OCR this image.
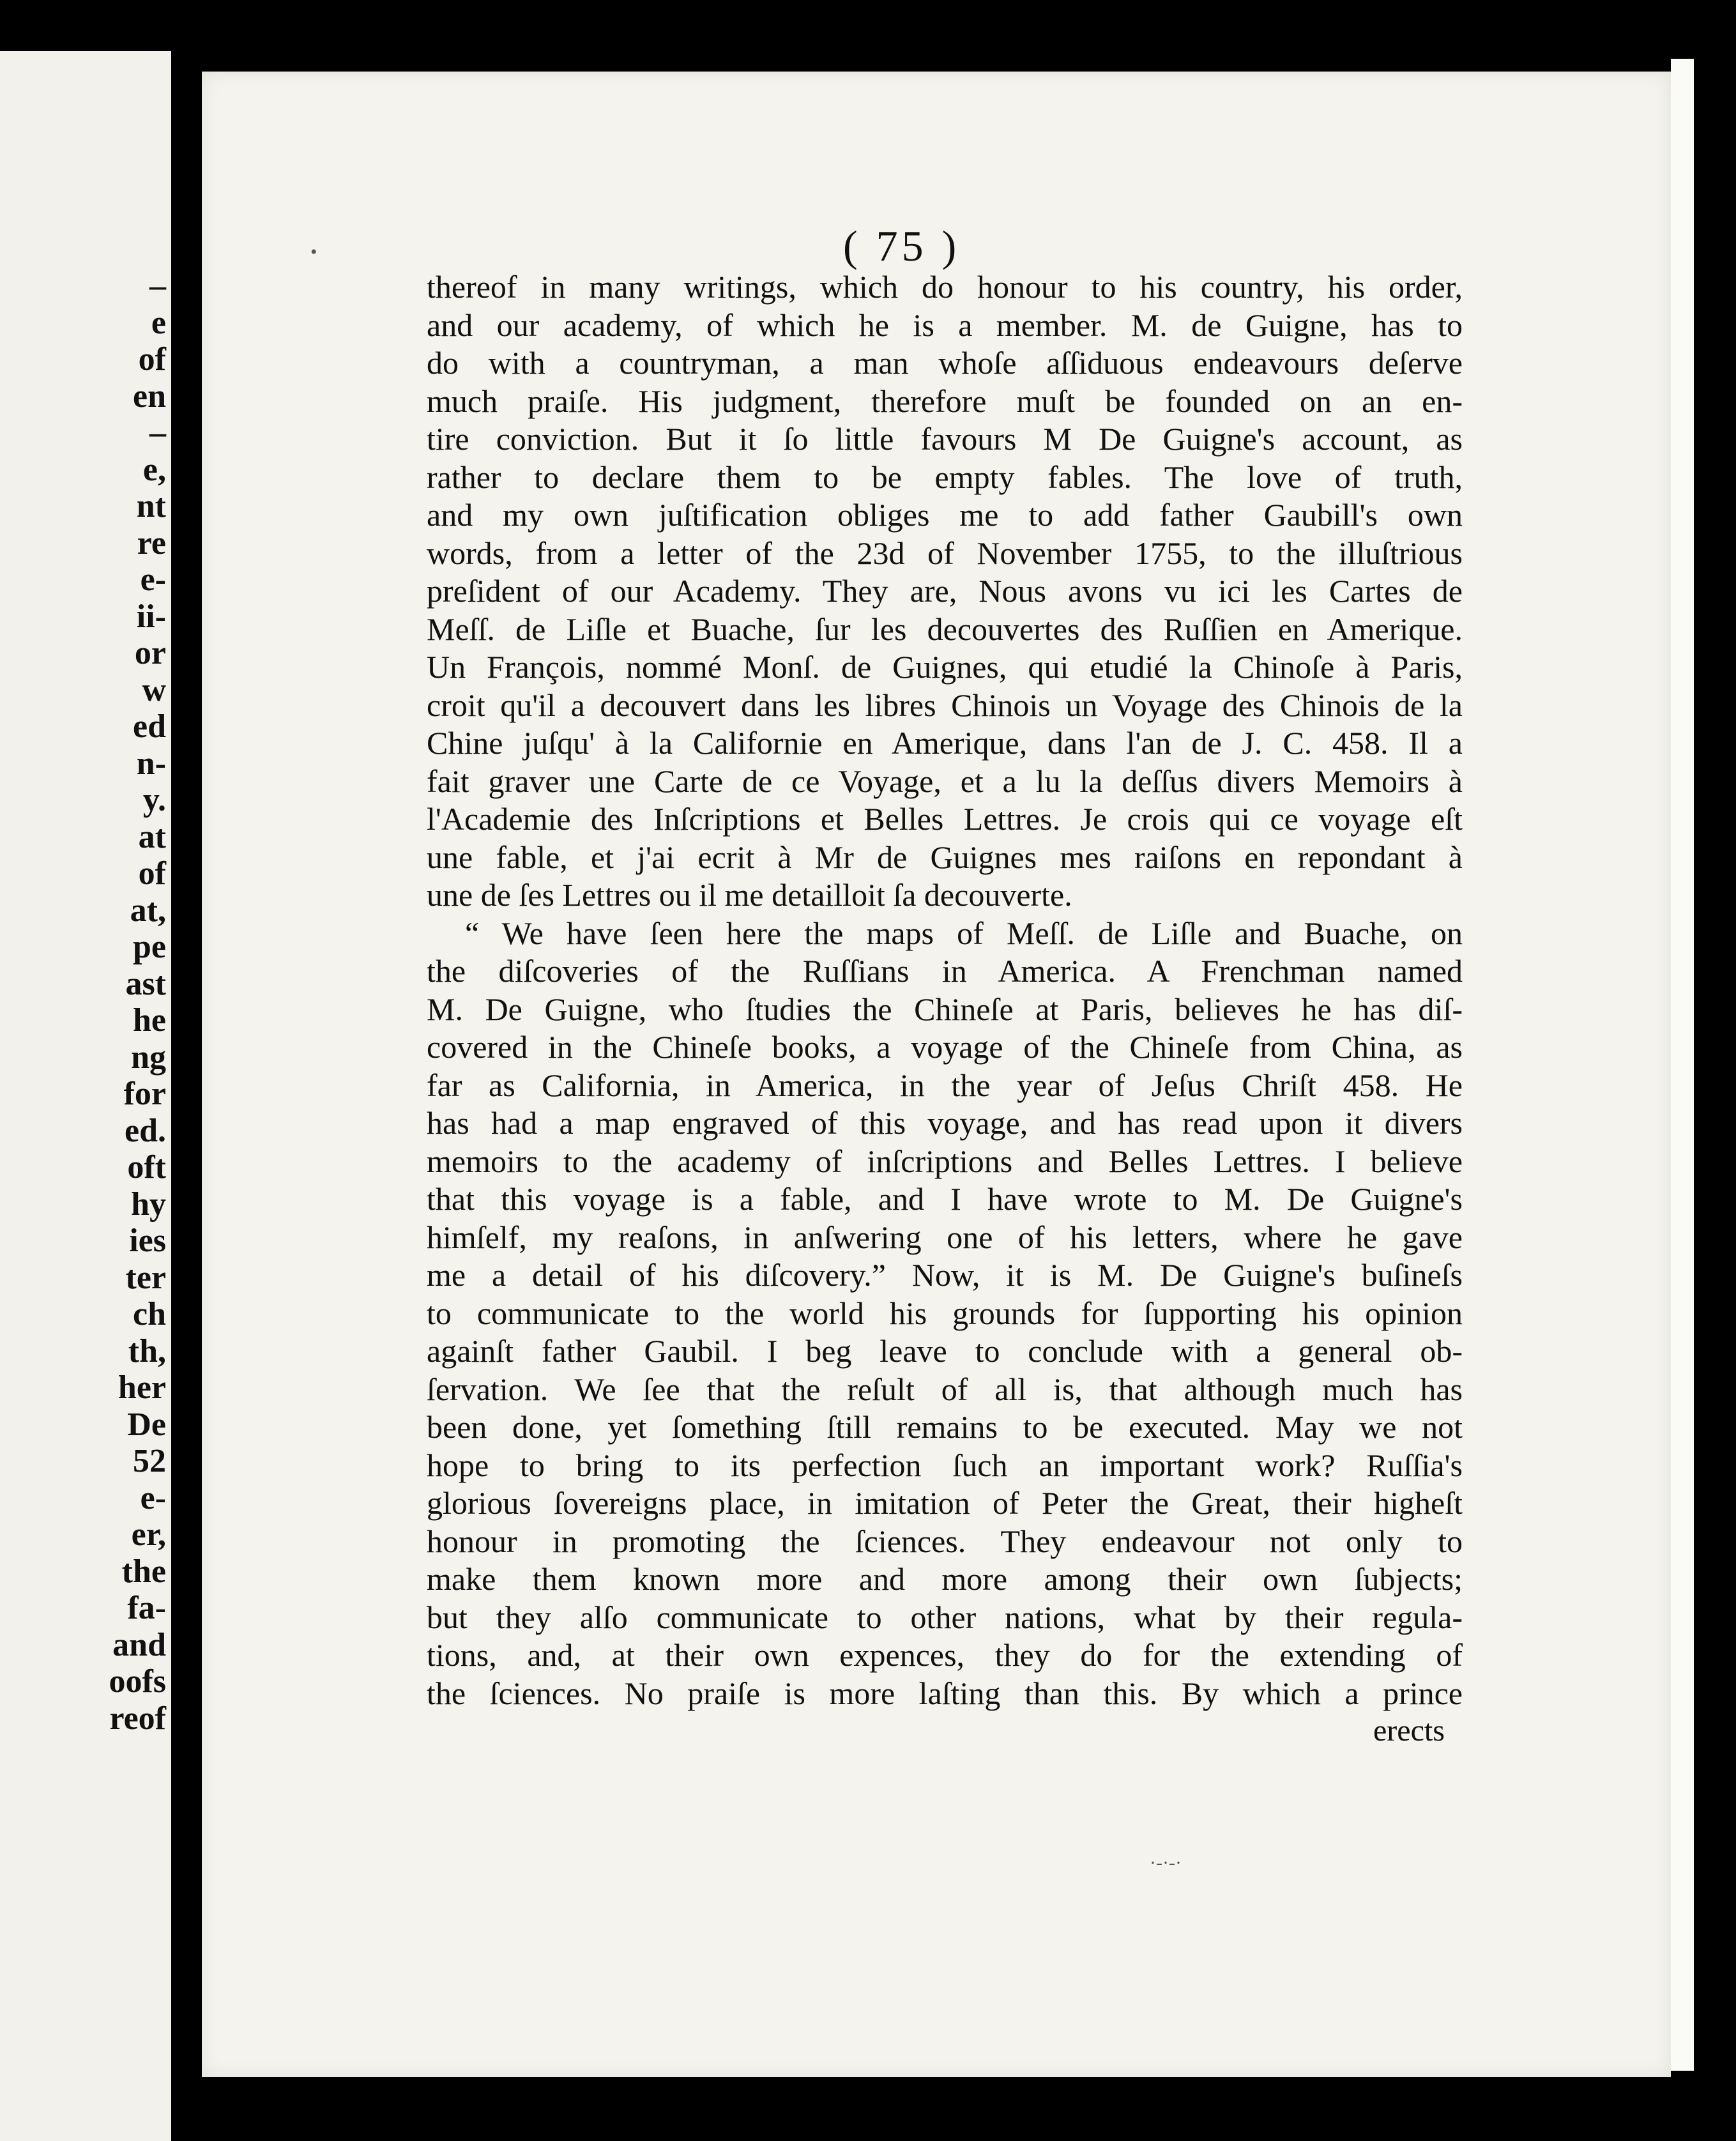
–
e
of
en
–
e,
nt
re
e-
ii-
or
w
ed
n-
y.
at
of
at,
pe
ast
he
ng
for
ed.
oft
hy
ies
ter
ch
th,
her
De
52
e-
er,
the
fa-
and
oofs
reof
( 75 )
thereof in many writings, which do honour to his country, his order,
and our academy, of which he is a member. M. de Guigne, has to
do with a countryman, a man whoſe aſſiduous endeavours deſerve
much praiſe. His judgment, therefore muſt be founded on an en-
tire conviction. But it ſo little favours M De Guigne's account, as
rather to declare them to be empty fables. The love of truth,
and my own juſtification obliges me to add father Gaubill's own
words, from a letter of the 23d of November 1755, to the illuſtrious
preſident of our Academy. They are, Nous avons vu ici les Cartes de
Meſſ. de Liſle et Buache, ſur les decouvertes des Ruſſien en Amerique.
Un François, nommé Monſ. de Guignes, qui etudié la Chinoſe à Paris,
croit qu'il a decouvert dans les libres Chinois un Voyage des Chinois de la
Chine juſqu' à la Californie en Amerique, dans l'an de J. C. 458. Il a
fait graver une Carte de ce Voyage, et a lu la deſſus divers Memoirs à
l'Academie des Inſcriptions et Belles Lettres. Je crois qui ce voyage eſt
une fable, et j'ai ecrit à Mr de Guignes mes raiſons en repondant à
une de ſes Lettres ou il me detailloit ſa decouverte.
“ We have ſeen here the maps of Meſſ. de Liſle and Buache, on
the diſcoveries of the Ruſſians in America. A Frenchman named
M. De Guigne, who ſtudies the Chineſe at Paris, believes he has diſ-
covered in the Chineſe books, a voyage of the Chineſe from China, as
far as California, in America, in the year of Jeſus Chriſt 458. He
has had a map engraved of this voyage, and has read upon it divers
memoirs to the academy of inſcriptions and Belles Lettres. I believe
that this voyage is a fable, and I have wrote to M. De Guigne's
himſelf, my reaſons, in anſwering one of his letters, where he gave
me a detail of his diſcovery.” Now, it is M. De Guigne's buſineſs
to communicate to the world his grounds for ſupporting his opinion
againſt father Gaubil. I beg leave to conclude with a general ob-
ſervation. We ſee that the reſult of all is, that although much has
been done, yet ſomething ſtill remains to be executed. May we not
hope to bring to its perfection ſuch an important work? Ruſſia's
glorious ſovereigns place, in imitation of Peter the Great, their higheſt
honour in promoting the ſciences. They endeavour not only to
make them known more and more among their own ſubjects;
but they alſo communicate to other nations, what by their regula-
tions, and, at their own expences, they do for the extending of
the ſciences. No praiſe is more laſting than this. By which a prince
erects
•
·-·-·
